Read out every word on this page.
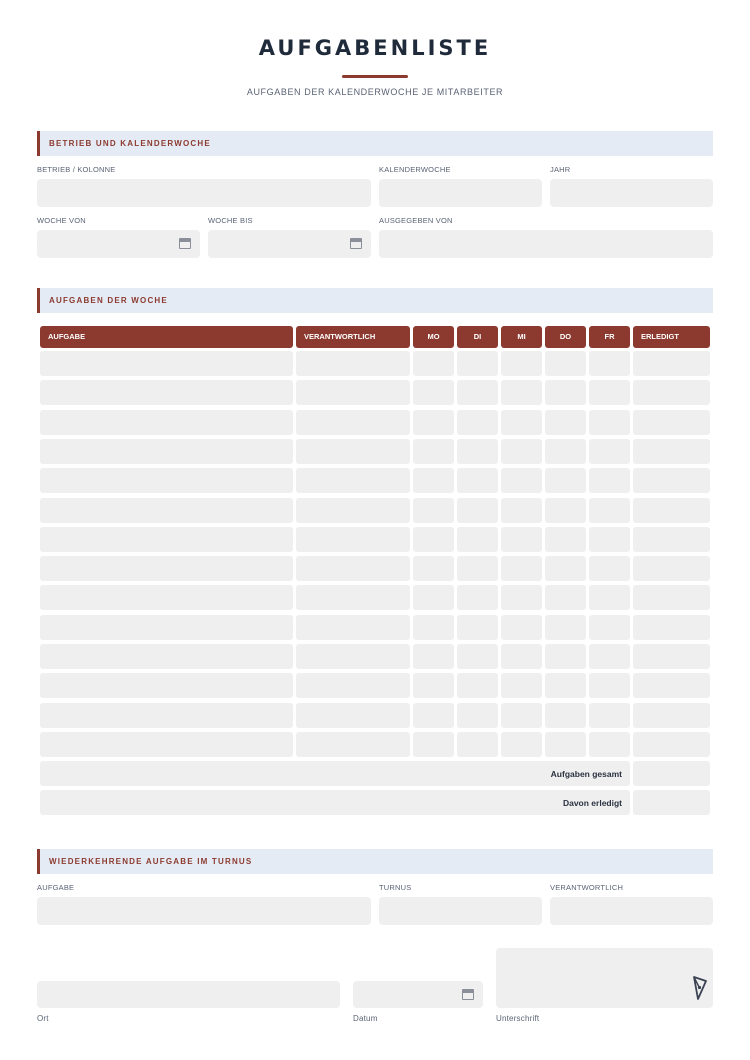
AUFGABENLISTE
AUFGABEN DER KALENDERWOCHE JE MITARBEITER
BETRIEB UND KALENDERWOCHE
BETRIEB / KOLONNE	KALENDERWOCHE	JAHR
WOCHE VON	WOCHE BIS	AUSGEGEBEN VON
AUFGABEN DER WOCHE
AUFGABE	VERANTWORTLICH	MO	DI	MI	DO	FR	ERLEDIGT
Aufgaben gesamt
Davon erledigt
WIEDERKEHRENDE AUFGABE IM TURNUS
AUFGABE	TURNUS	VERANTWORTLICH
Ort	Datum	Unterschrift
